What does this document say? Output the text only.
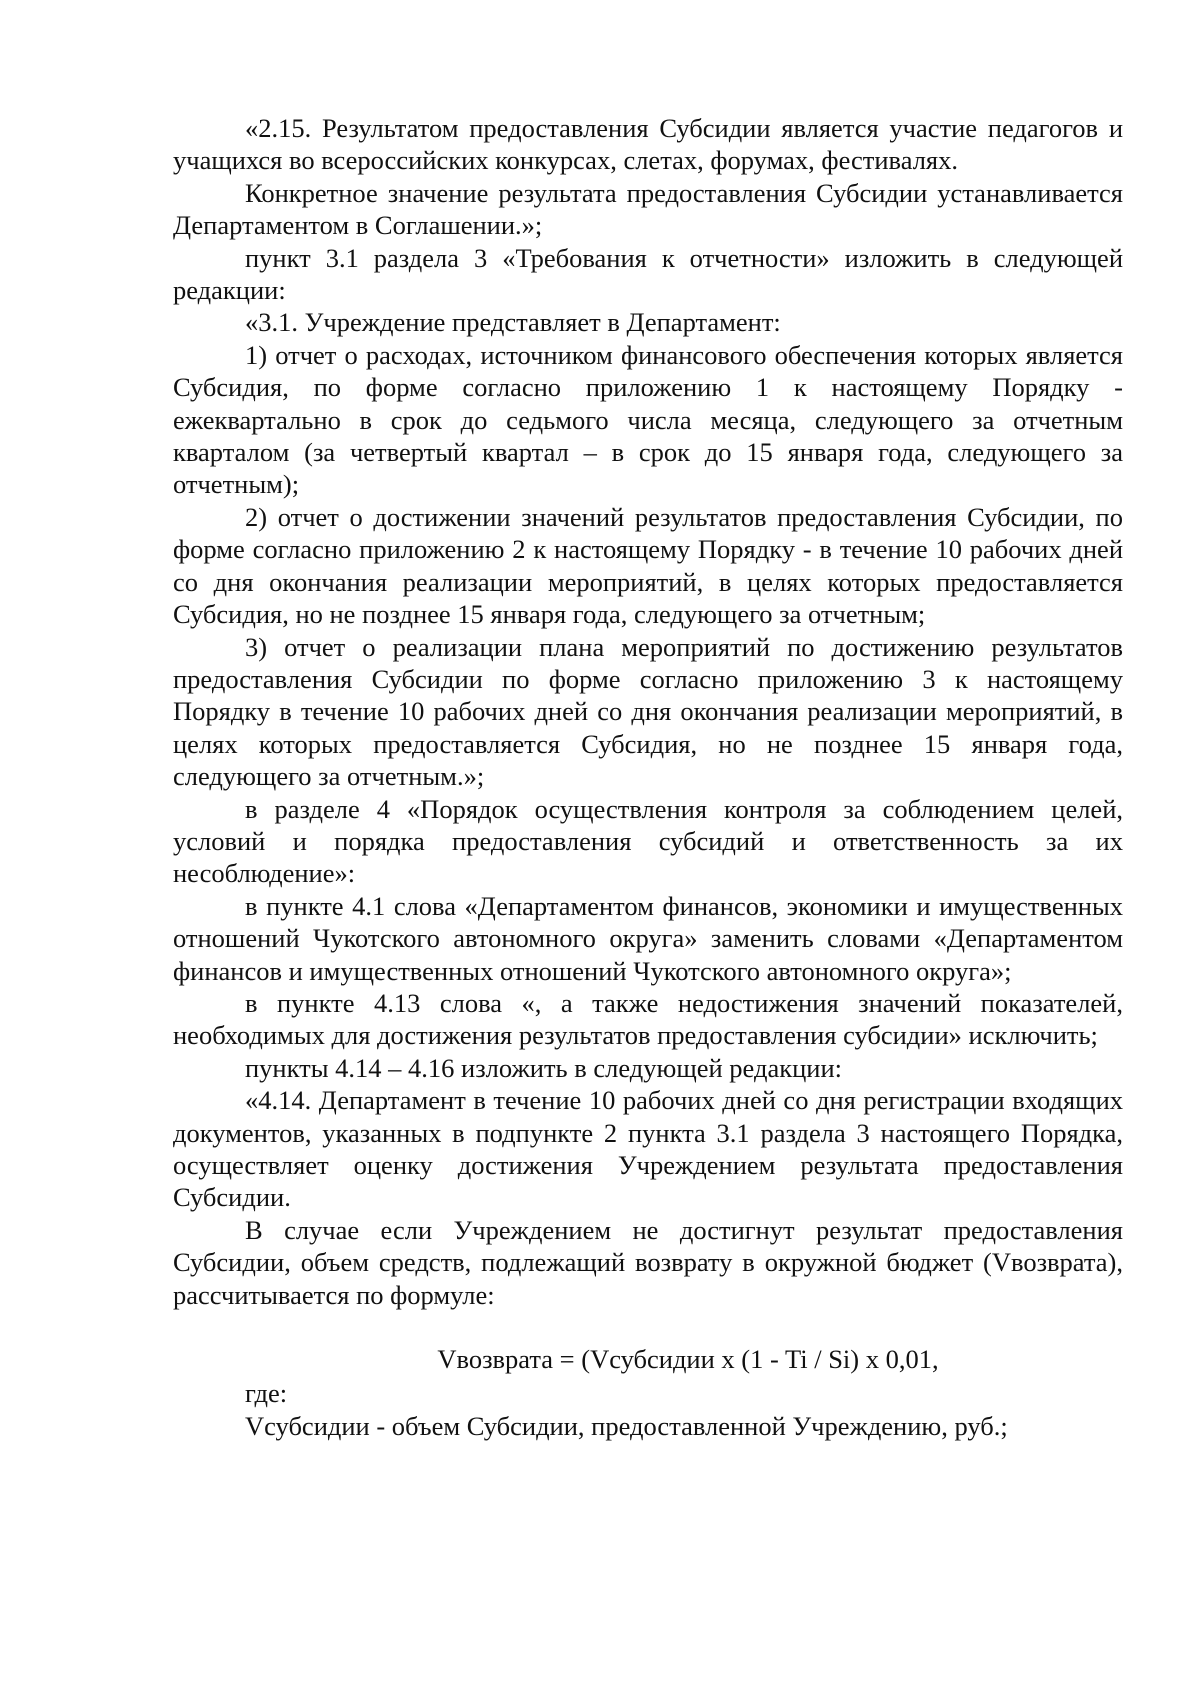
«2.15. Результатом предоставления Субсидии является участие педагогов и учащихся во всероссийских конкурсах, слетах, форумах, фестивалях.

Конкретное значение результата предоставления Субсидии устанавливается Департаментом в Соглашении.»;

пункт 3.1 раздела 3 «Требования к отчетности» изложить в следующей редакции:

«3.1. Учреждение представляет в Департамент:

1) отчет о расходах, источником финансового обеспечения которых является Субсидия, по форме согласно приложению 1 к настоящему Порядку - ежеквартально в срок до седьмого числа месяца, следующего за отчетным кварталом (за четвертый квартал – в срок до 15 января года, следующего за отчетным);

2) отчет о достижении значений результатов предоставления Субсидии, по форме согласно приложению 2 к настоящему Порядку - в течение 10 рабочих дней со дня окончания реализации мероприятий, в целях которых предоставляется Субсидия, но не позднее 15 января года, следующего за отчетным;

3) отчет о реализации плана мероприятий по достижению результатов предоставления Субсидии по форме согласно приложению 3 к настоящему Порядку в течение 10 рабочих дней со дня окончания реализации мероприятий, в целях которых предоставляется Субсидия, но не позднее 15 января года, следующего за отчетным.»;

в разделе 4 «Порядок осуществления контроля за соблюдением целей, условий и порядка предоставления субсидий и ответственность за их несоблюдение»:

в пункте 4.1 слова «Департаментом финансов, экономики и имущественных отношений Чукотского автономного округа» заменить словами «Департаментом финансов и имущественных отношений Чукотского автономного округа»;

в пункте 4.13 слова «, а также недостижения значений показателей, необходимых для достижения результатов предоставления субсидии» исключить;

пункты 4.14 – 4.16 изложить в следующей редакции:

«4.14. Департамент в течение 10 рабочих дней со дня регистрации входящих документов, указанных в подпункте 2 пункта 3.1 раздела 3 настоящего Порядка, осуществляет оценку достижения Учреждением результата предоставления Субсидии.

В случае если Учреждением не достигнут результат предоставления Субсидии, объем средств, подлежащий возврату в окружной бюджет (Vвозврата), рассчитывается по формуле:

Vвозврата = (Vсубсидии x (1 - Ti / Si) x 0,01,

где:

Vсубсидии - объем Субсидии, предоставленной Учреждению, руб.;
